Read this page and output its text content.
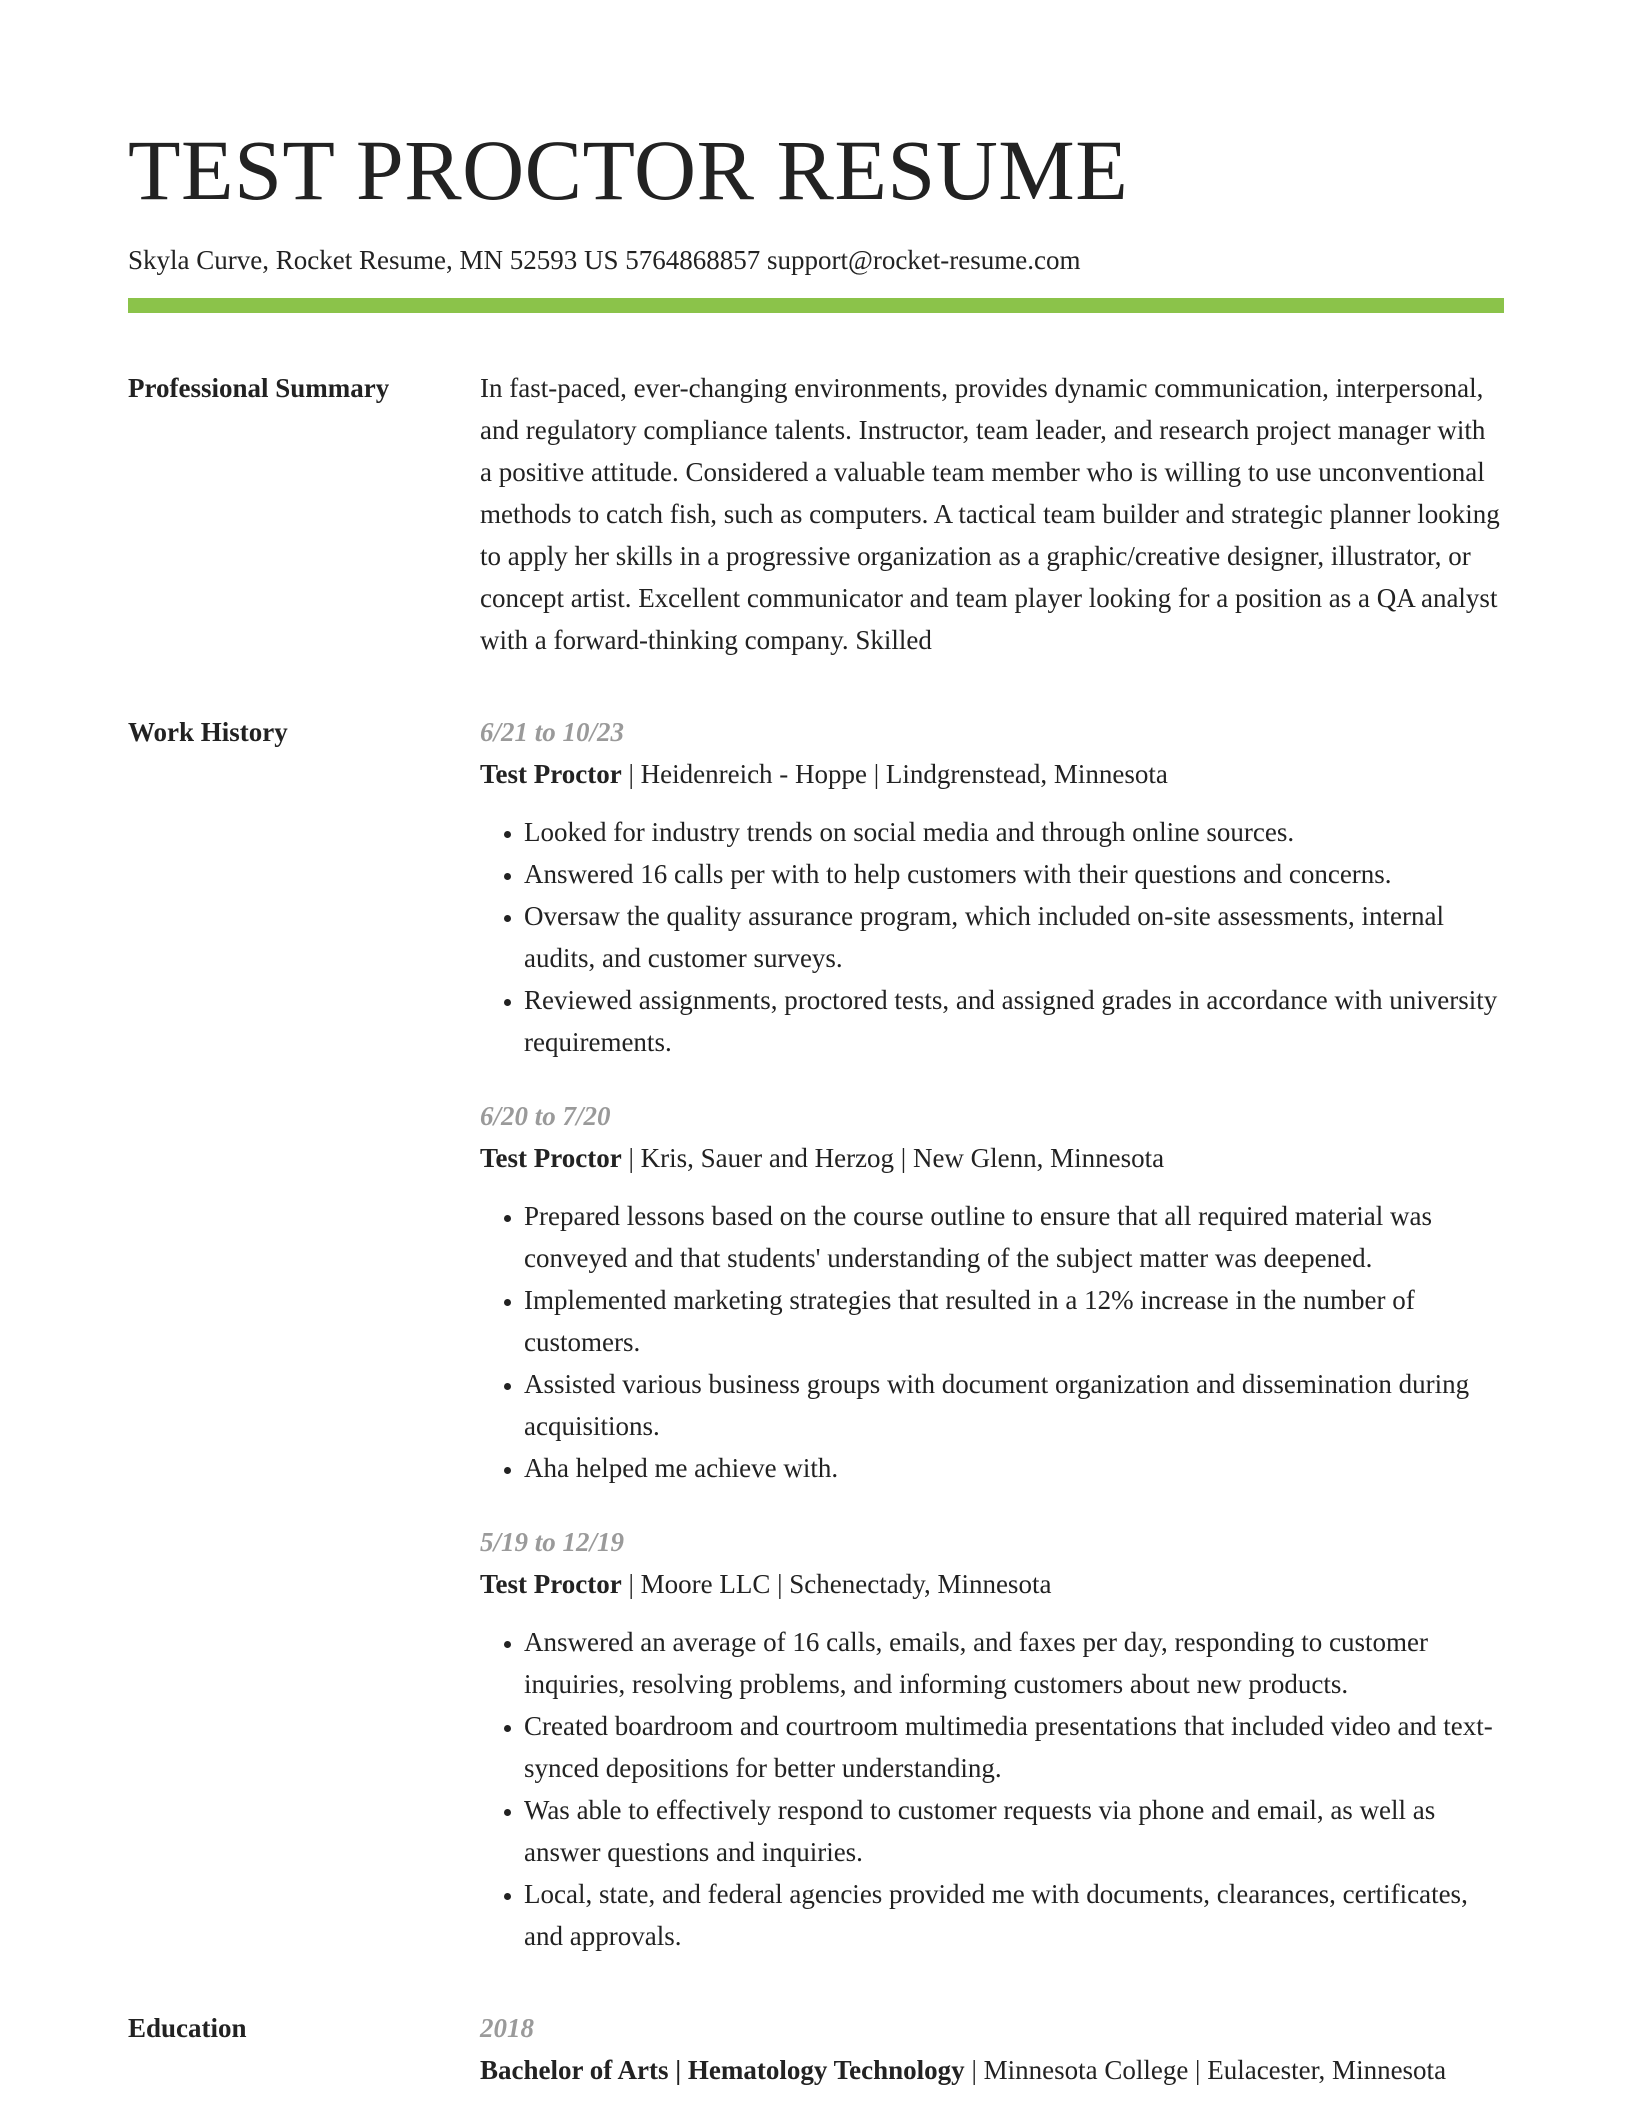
TEST PROCTOR RESUME
Skyla Curve, Rocket Resume, MN 52593 US 5764868857 support@rocket-resume.com
Professional Summary	In fast-paced, ever-changing environments, provides dynamic communication, interpersonal, and regulatory compliance talents. Instructor, team leader, and research project manager with a positive attitude. Considered a valuable team member who is willing to use unconventional methods to catch fish, such as computers. A tactical team builder and strategic planner looking to apply her skills in a progressive organization as a graphic/creative designer, illustrator, or concept artist. Excellent communicator and team player looking for a position as a QA analyst with a forward-thinking company. Skilled

Work History	6/21 to 10/23
Test Proctor | Heidenreich - Hoppe | Lindgrenstead, Minnesota
• Looked for industry trends on social media and through online sources.
• Answered 16 calls per with to help customers with their questions and concerns.
• Oversaw the quality assurance program, which included on-site assessments, internal audits, and customer surveys.
• Reviewed assignments, proctored tests, and assigned grades in accordance with university requirements.
6/20 to 7/20
Test Proctor | Kris, Sauer and Herzog | New Glenn, Minnesota
• Prepared lessons based on the course outline to ensure that all required material was conveyed and that students' understanding of the subject matter was deepened.
• Implemented marketing strategies that resulted in a 12% increase in the number of customers.
• Assisted various business groups with document organization and dissemination during acquisitions.
• Aha helped me achieve with.
5/19 to 12/19
Test Proctor | Moore LLC | Schenectady, Minnesota
• Answered an average of 16 calls, emails, and faxes per day, responding to customer inquiries, resolving problems, and informing customers about new products.
• Created boardroom and courtroom multimedia presentations that included video and text-synced depositions for better understanding.
• Was able to effectively respond to customer requests via phone and email, as well as answer questions and inquiries.
• Local, state, and federal agencies provided me with documents, clearances, certificates, and approvals.
Education	2018
Bachelor of Arts | Hematology Technology | Minnesota College | Eulacester, Minnesota
